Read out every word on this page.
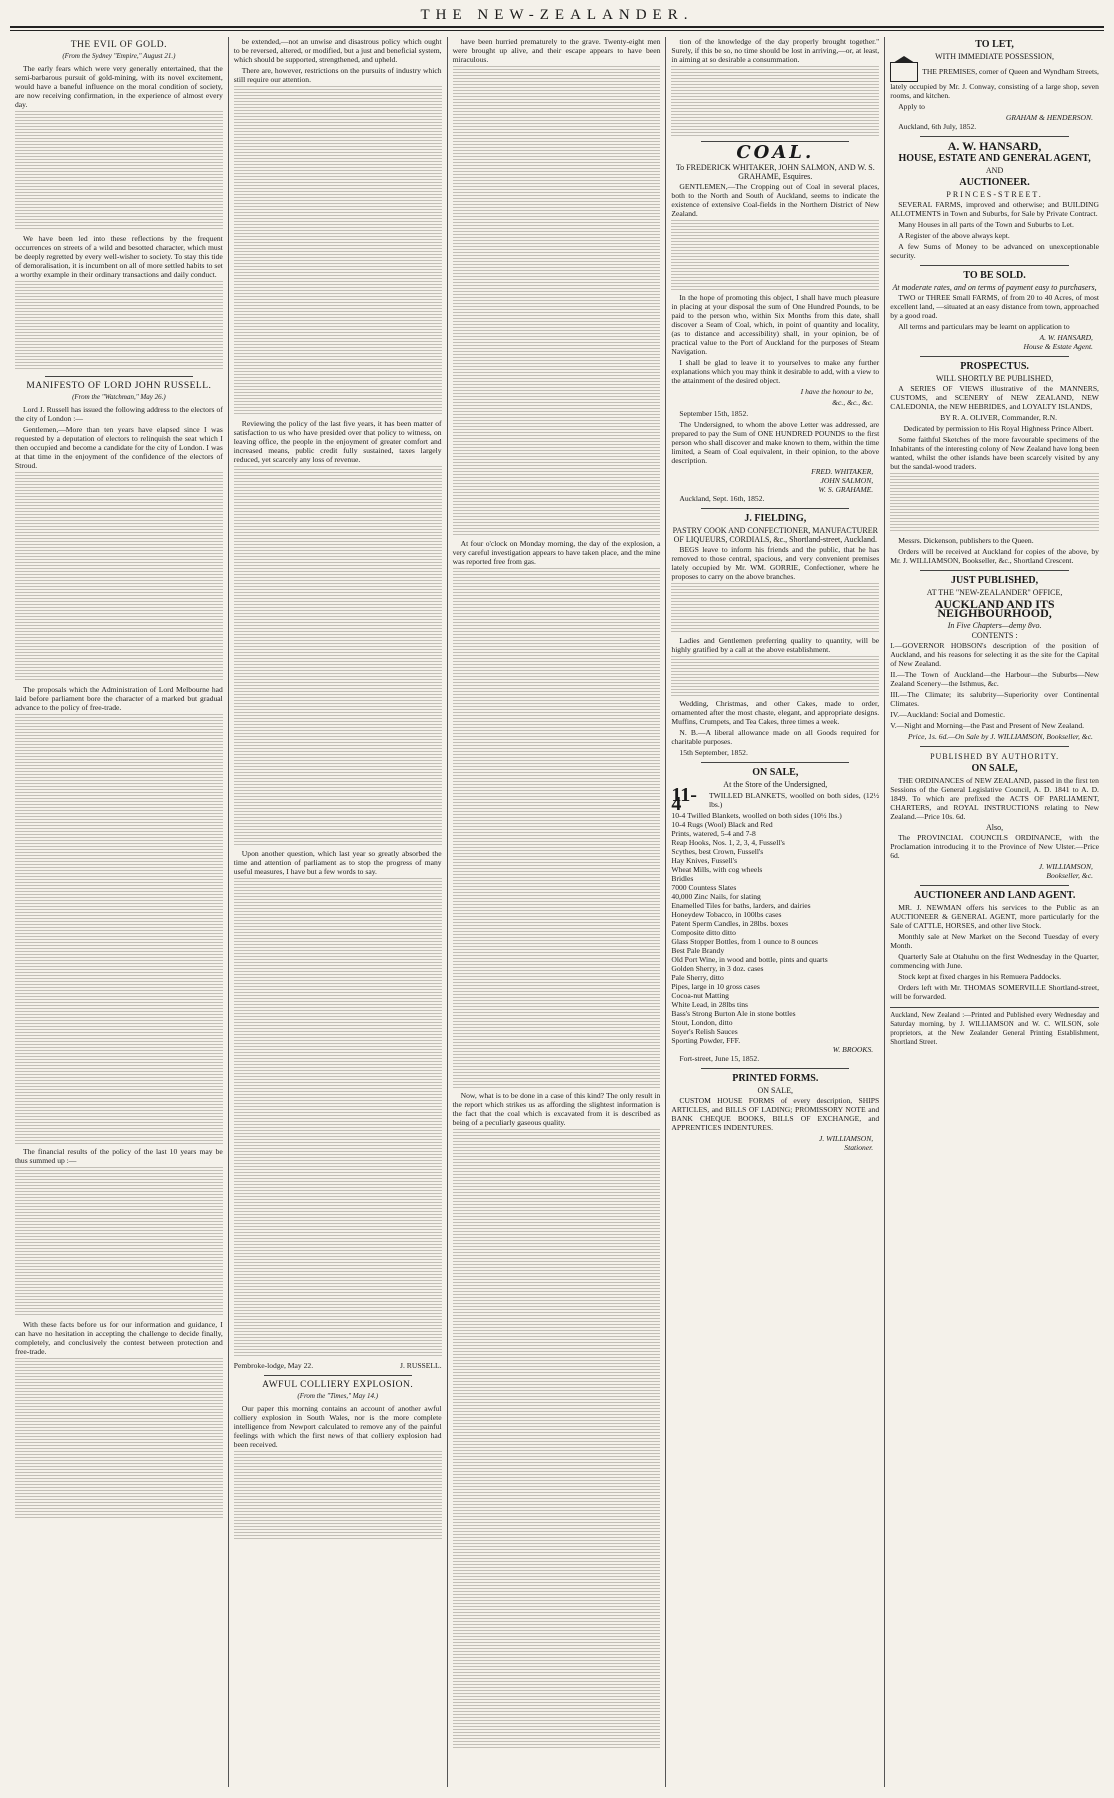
THE NEW-ZEALANDER.
THE EVIL OF GOLD.
(From the Sydney "Empire," August 21.)

The early fears which were very generally entertained, that the semi-barbarous pursuit of gold-mining, with its novel excitement, would have a baneful influence on the moral condition of society, are now receiving confirmation, in the experience of almost every day.

We have been led into these reflections by the frequent occurrences on streets of a wild and besotted character, which must be deeply regretted by every well-wisher to society. To stay this tide of demoralisation, it is incumbent on all of more settled habits to set a worthy example in their ordinary transactions and daily conduct.

MANIFESTO OF LORD JOHN RUSSELL.
(From the "Watchman," May 26.)

Lord J. Russell has issued the following address to the electors of the city of London :—

Gentlemen,—More than ten years have elapsed since I was requested by a deputation of electors to relinquish the seat which I then occupied and become a candidate for the city of London. I was at that time in the enjoyment of the confidence of the electors of Stroud.

The proposals which the Administration of Lord Melbourne had laid before parliament bore the character of a marked but gradual advance to the policy of free-trade.

The financial results of the policy of the last 10 years may be thus summed up :—

With these facts before us for our information and guidance, I can have no hesitation in accepting the challenge to decide finally, completely, and conclusively the contest between protection and free-trade.

be extended,—not an unwise and disastrous policy which ought to be reversed, altered, or modified, but a just and beneficial system, which should be supported, strengthened, and upheld.

There are, however, restrictions on the pursuits of industry which still require our attention.

Reviewing the policy of the last five years, it has been matter of satisfaction to us who have presided over that policy to witness, on leaving office, the people in the enjoyment of greater comfort and increased means, public credit fully sustained, taxes largely reduced, yet scarcely any loss of revenue.

Upon another question, which last year so greatly absorbed the time and attention of parliament as to stop the progress of many useful measures, I have but a few words to say.

Pembroke-lodge, May 22.	J. RUSSELL.
AWFUL COLLIERY EXPLOSION.
(From the "Times," May 14.)

Our paper this morning contains an account of another awful colliery explosion in South Wales, nor is the more complete intelligence from Newport calculated to remove any of the painful feelings with which the first news of that colliery explosion had been received.

have been hurried prematurely to the grave. Twenty-eight men were brought up alive, and their escape appears to have been miraculous.

At four o'clock on Monday morning, the day of the explosion, a very careful investigation appears to have taken place, and the mine was reported free from gas.

Now, what is to be done in a case of this kind? The only result in the report which strikes us as affording the slightest information is the fact that the coal which is excavated from it is described as being of a peculiarly gaseous quality.

tion of the knowledge of the day properly brought together." Surely, if this be so, no time should be lost in arriving,—or, at least, in aiming at so desirable a consummation.

COAL.
To FREDERICK WHITAKER, JOHN SALMON, AND W. S. GRAHAME, Esquires.

GENTLEMEN,—The Cropping out of Coal in several places, both to the North and South of Auckland, seems to indicate the existence of extensive Coal-fields in the Northern District of New Zealand.

In the hope of promoting this object, I shall have much pleasure in placing at your disposal the sum of One Hundred Pounds, to be paid to the person who, within Six Months from this date, shall discover a Seam of Coal, which, in point of quantity and locality, (as to distance and accessibility) shall, in your opinion, be of practical value to the Port of Auckland for the purposes of Steam Navigation.

I shall be glad to leave it to yourselves to make any further explanations which you may think it desirable to add, with a view to the attainment of the desired object.

I have the honour to be,

&c., &c., &c.

September 15th, 1852.

The Undersigned, to whom the above Letter was addressed, are prepared to pay the Sum of ONE HUNDRED POUNDS to the first person who shall discover and make known to them, within the time limited, a Seam of Coal equivalent, in their opinion, to the above description.

FRED. WHITAKER,
JOHN SALMON,
W. S. GRAHAME.

Auckland, Sept. 16th, 1852.

J. FIELDING,
PASTRY COOK AND CONFECTIONER, MANUFACTURER OF LIQUEURS, CORDIALS, &c., Shortland-street, Auckland.

BEGS leave to inform his friends and the public, that he has removed to those central, spacious, and very convenient premises lately occupied by Mr. WM. GORRIE, Confectioner, where he proposes to carry on the above branches.

Ladies and Gentlemen preferring quality to quantity, will be highly gratified by a call at the above establishment.

Wedding, Christmas, and other Cakes, made to order, ornamented after the most chaste, elegant, and appropriate designs. Muffins, Crumpets, and Tea Cakes, three times a week.

N. B.—A liberal allowance made on all Goods required for charitable purposes.

15th September, 1852.

ON SALE,
At the Store of the Undersigned,
11-4	TWILLED BLANKETS, woolled on both sides, (12½ lbs.)

10-4 Twilled Blankets, woolled on both sides (10½ lbs.)

10-4 Rugs (Wool) Black and Red

Prints, watered, 5-4 and 7-8

Reap Hooks, Nos. 1, 2, 3, 4, Fussell's

Scythes, best Crown, Fussell's

Hay Knives, Fussell's

Wheat Mills, with cog wheels

Bridles

7000 Countess Slates

40,000 Zinc Nails, for slating

Enamelled Tiles for baths, larders, and dairies

Honeydew Tobacco, in 100lbs cases

Patent Sperm Candles, in 28lbs. boxes

Composite ditto ditto

Glass Stopper Bottles, from 1 ounce to 8 ounces

Best Pale Brandy

Old Port Wine, in wood and bottle, pints and quarts

Golden Sherry, in 3 doz. cases

Pale Sherry, ditto

Pipes, large in 10 gross cases

Cocoa-nut Matting

White Lead, in 28lbs tins

Bass's Strong Burton Ale in stone bottles

Stout, London, ditto

Soyer's Relish Sauces

Sporting Powder, FFF.

W. BROOKS.

Fort-street, June 15, 1852.

PRINTED FORMS.
ON SALE,

CUSTOM HOUSE FORMS of every description, SHIPS ARTICLES, and BILLS OF LADING; PROMISSORY NOTE and BANK CHEQUE BOOKS, BILLS OF EXCHANGE, and APPRENTICES INDENTURES.

J. WILLIAMSON,
Stationer.
TO LET,
WITH IMMEDIATE POSSESSION,

THE PREMISES, corner of Queen and Wyndham Streets, lately occupied by Mr. J. Conway, consisting of a large shop, seven rooms, and kitchen.

Apply to

GRAHAM & HENDERSON.

Auckland, 6th July, 1852.

A. W. HANSARD,
HOUSE, ESTATE AND GENERAL AGENT,
AND
AUCTIONEER.
PRINCES-STREET.

SEVERAL FARMS, improved and otherwise; and BUILDING ALLOTMENTS in Town and Suburbs, for Sale by Private Contract.

Many Houses in all parts of the Town and Suburbs to Let.

A Register of the above always kept.

A few Sums of Money to be advanced on unexceptionable security.

TO BE SOLD.
At moderate rates, and on terms of payment easy to purchasers,

TWO or THREE Small FARMS, of from 20 to 40 Acres, of most excellent land, —situated at an easy distance from town, approached by a good road.

All terms and particulars may be learnt on application to

A. W. HANSARD,
House & Estate Agent.
PROSPECTUS.
WILL SHORTLY BE PUBLISHED,

A SERIES OF VIEWS illustrative of the MANNERS, CUSTOMS, and SCENERY of NEW ZEALAND, NEW CALEDONIA, the NEW HEBRIDES, and LOYALTY ISLANDS,

BY R. A. OLIVER, Commander, R.N.

Dedicated by permission to His Royal Highness Prince Albert.

Some faithful Sketches of the more favourable specimens of the Inhabitants of the interesting colony of New Zealand have long been wanted, whilst the other islands have been scarcely visited by any but the sandal-wood traders.

Messrs. Dickenson, publishers to the Queen.

Orders will be received at Auckland for copies of the above, by Mr. J. WILLIAMSON, Bookseller, &c., Shortland Crescent.

JUST PUBLISHED,
AT THE "NEW-ZEALANDER" OFFICE,
AUCKLAND AND ITS NEIGHBOURHOOD,
In Five Chapters—demy 8vo.
CONTENTS :

I.—GOVERNOR HOBSON's description of the position of Auckland, and his reasons for selecting it as the site for the Capital of New Zealand.

II.—The Town of Auckland—the Harbour—the Suburbs—New Zealand Scenery—the Isthmus, &c.

III.—The Climate; its salubrity—Superiority over Continental Climates.

IV.—Auckland: Social and Domestic.

V.—Night and Morning—the Past and Present of New Zealand.

Price, 1s. 6d.—On Sale by J. WILLIAMSON, Bookseller, &c.

PUBLISHED BY AUTHORITY.
ON SALE,

THE ORDINANCES of NEW ZEALAND, passed in the first ten Sessions of the General Legislative Council, A. D. 1841 to A. D. 1849. To which are prefixed the ACTS OF PARLIAMENT, CHARTERS, and ROYAL INSTRUCTIONS relating to New Zealand.—Price 10s. 6d.

Also,

The PROVINCIAL COUNCILS ORDINANCE, with the Proclamation introducing it to the Province of New Ulster.—Price 6d.

J. WILLIAMSON,
Bookseller, &c.
AUCTIONEER AND LAND AGENT.

MR. J. NEWMAN offers his services to the Public as an AUCTIONEER & GENERAL AGENT, more particularly for the Sale of CATTLE, HORSES, and other live Stock.

Monthly sale at New Market on the Second Tuesday of every Month.

Quarterly Sale at Otahuhu on the first Wednesday in the Quarter, commencing with June.

Stock kept at fixed charges in his Remuera Paddocks.

Orders left with Mr. THOMAS SOMERVILLE Shortland-street, will be forwarded.

Auckland, New Zealand :—Printed and Published every Wednesday and Saturday morning, by J. WILLIAMSON and W. C. WILSON, sole proprietors, at the New Zealander General Printing Establishment, Shortland Street.
